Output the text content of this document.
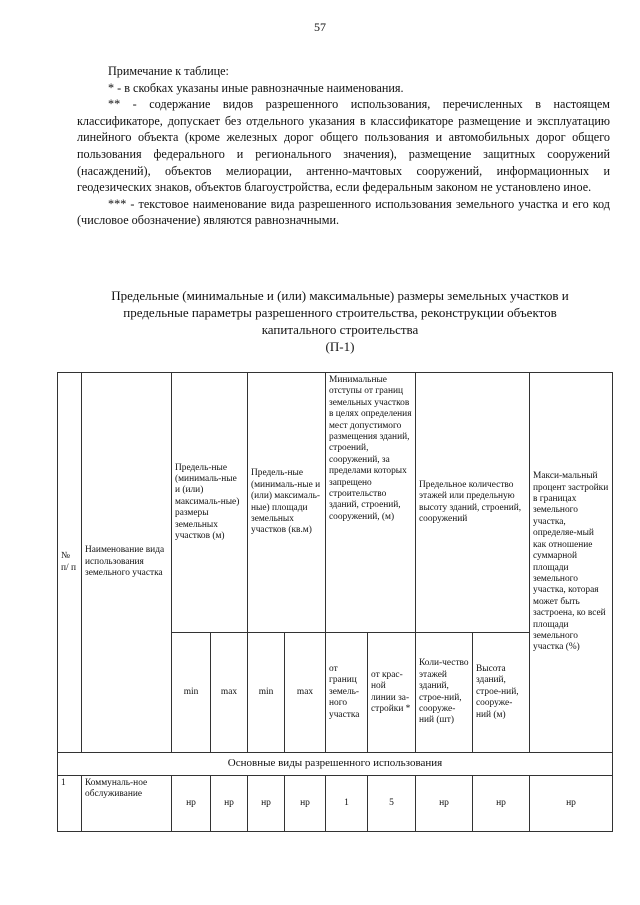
57

Примечание к таблице:

* - в скобках указаны иные равнозначные наименования.

** - содержание видов разрешенного использования, перечисленных в настоящем классификаторе, допускает без отдельного указания в классификаторе размещение и эксплуатацию линейного объекта (кроме железных дорог общего пользования и автомобильных дорог общего пользования федерального и регионального значения), размещение защитных сооружений (насаждений), объектов мелиорации, антенно-мачтовых сооружений, информационных и геодезических знаков, объектов благоустройства, если федеральным законом не установлено иное.

*** - текстовое наименование вида разрешенного использования земельного участка и его код (числовое обозначение) являются равнозначными.

Предельные (минимальные и (или) максимальные) размеры земельных участков и
предельные параметры разрешенного строительства, реконструкции объектов
капитального строительства
(П-1)
№ п/ п	Наименование вида использования земельного участка	Предель-ные (минималь-ные и (или) максималь-ные) размеры земельных участков (м)		Предель-ные (минималь-ные и (или) максималь-ные) площади земельных участков (кв.м)		Минимальные отступы от границ земельных участков в целях определения мест допустимого размещения зданий, строений, сооружений, за пределами которых запрещено строительство зданий, строений, сооружений, (м)		Предельное количество этажей или предельную высоту зданий, строений, сооружений		Макси-мальный процент застройки в границах земельного участка, определяе-мый как отношение суммарной площади земельного участка, которая может быть застроена, ко всей площади земельного участка (%)
		min	max	min	max	от границ земель-ного участка	от крас-ной линии за-стройки *	Коли-чество этажей зданий, строе-ний, сооруже-ний (шт)	Высота зданий, строе-ний, сооруже-ний (м)	
Основные виды разрешенного использования										
1	Коммуналь-ное обслуживание	нр	нр	нр	нр	1	5	нр	нр	нр
